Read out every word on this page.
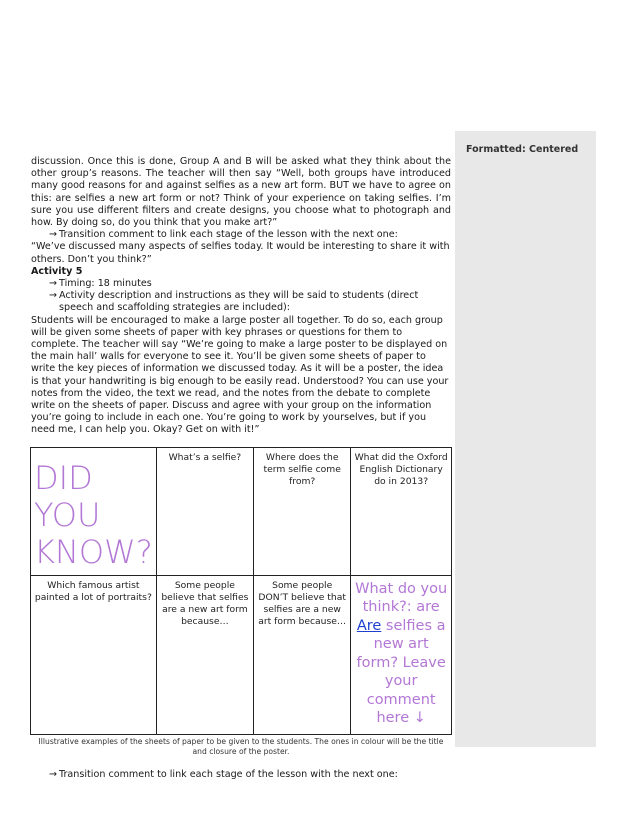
Formatted: Centered

discussion. Once this is done, Group A and B will be asked what they think about the other group’s reasons. The teacher will then say “Well, both groups have introduced many good reasons for and against selfies as a new art form. BUT we have to agree on this: are selfies a new art form or not? Think of your experience on taking selfies. I’m sure you use different filters and create designs, you choose what to photograph and how. By doing so, do you think that you make art?”

→ Transition comment to link each stage of the lesson with the next one:

“We’ve discussed many aspects of selfies today. It would be interesting to share it with others. Don’t you think?”

Activity 5

→ Timing: 18 minutes
→ Activity description and instructions as they will be said to students (direct speech and scaffolding strategies are included):

Students will be encouraged to make a large poster all together. To do so, each group will be given some sheets of paper with key phrases or questions for them to complete. The teacher will say “We’re going to make a large poster to be displayed on the main hall’ walls for everyone to see it. You’ll be given some sheets of paper to write the key pieces of information we discussed today. As it will be a poster, the idea is that your handwriting is big enough to be easily read. Understood? You can use your notes from the video, the text we read, and the notes from the debate to complete write on the sheets of paper. Discuss and agree with your group on the information you’re going to include in each one. You’re going to work by yourselves, but if you need me, I can help you. Okay? Get on with it!”

DID YOU KNOW?	What’s a selfie?	Where does the term selfie come from?	What did the Oxford English Dictionary do in 2013?

Which famous artist painted a lot of portraits?	Some people believe that selfies are a new art form because…	Some people DON’T believe that selfies are a new art form because…	What do you think?: are Are selfies a new art form? Leave your comment here ↓
Illustrative examples of the sheets of paper to be given to the students. The ones in colour will be the title and closure of the poster.
→ Transition comment to link each stage of the lesson with the next one:
